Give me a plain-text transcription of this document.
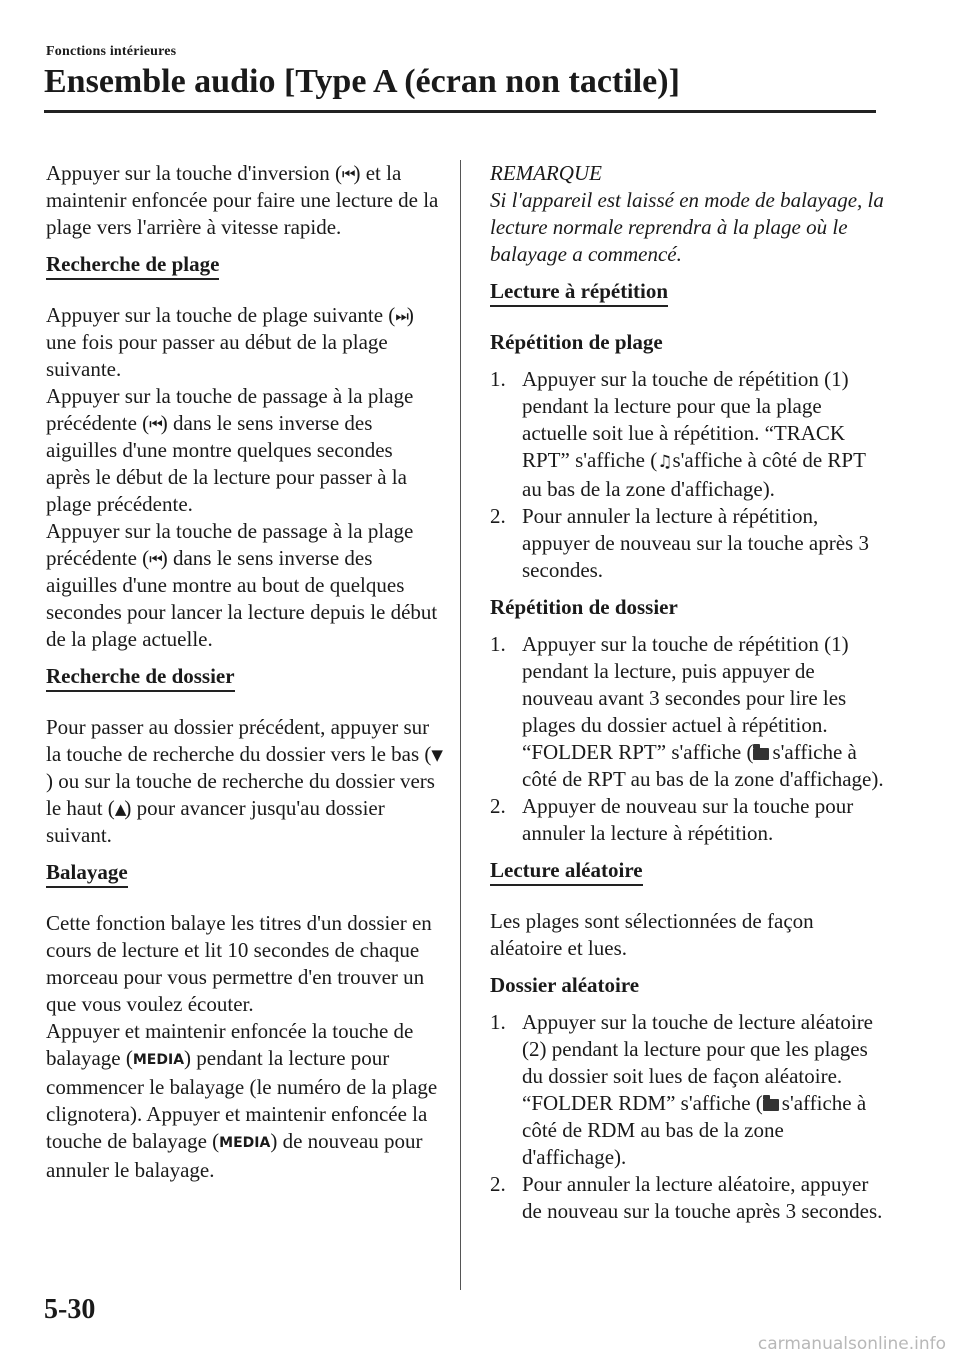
Fonctions intérieures
Ensemble audio [Type A (écran non tactile)]

Appuyer sur la touche d'inversion (⏮) et la maintenir enfoncée pour faire une lecture de la plage vers l'arrière à vitesse rapide.

Recherche de plage

Appuyer sur la touche de plage suivante (⏭) une fois pour passer au début de la plage suivante.
Appuyer sur la touche de passage à la plage précédente (⏮) dans le sens inverse des aiguilles d'une montre quelques secondes après le début de la lecture pour passer à la plage précédente.
Appuyer sur la touche de passage à la plage précédente (⏮) dans le sens inverse des aiguilles d'une montre au bout de quelques secondes pour lancer la lecture depuis le début de la plage actuelle.

Recherche de dossier

Pour passer au dossier précédent, appuyer sur la touche de recherche du dossier vers le bas (▼) ou sur la touche de recherche du dossier vers le haut (▲) pour avancer jusqu'au dossier suivant.

Balayage

Cette fonction balaye les titres d'un dossier en cours de lecture et lit 10 secondes de chaque morceau pour vous permettre d'en trouver un que vous voulez écouter.
Appuyer et maintenir enfoncée la touche de balayage (MEDIA) pendant la lecture pour commencer le balayage (le numéro de la plage clignotera). Appuyer et maintenir enfoncée la touche de balayage (MEDIA) de nouveau pour annuler le balayage.

REMARQUE

Si l'appareil est laissé en mode de balayage, la lecture normale reprendra à la plage où le balayage a commencé.

Lecture à répétition

Répétition de plage

1. Appuyer sur la touche de répétition (1) pendant la lecture pour que la plage actuelle soit lue à répétition. “TRACK RPT” s'affiche (♫s'affiche à côté de RPT au bas de la zone d'affichage).
2. Pour annuler la lecture à répétition, appuyer de nouveau sur la touche après 3 secondes.

Répétition de dossier

1. Appuyer sur la touche de répétition (1) pendant la lecture, puis appuyer de nouveau avant 3 secondes pour lire les plages du dossier actuel à répétition. “FOLDER RPT” s'affiche ( s'affiche à côté de RPT au bas de la zone d'affichage).
2. Appuyer de nouveau sur la touche pour annuler la lecture à répétition.
Lecture aléatoire

Les plages sont sélectionnées de façon aléatoire et lues.

Dossier aléatoire

1. Appuyer sur la touche de lecture aléatoire (2) pendant la lecture pour que les plages du dossier soit lues de façon aléatoire. “FOLDER RDM” s'affiche ( s'affiche à côté de RDM au bas de la zone d'affichage).
2. Pour annuler la lecture aléatoire, appuyer de nouveau sur la touche après 3 secondes.
5-30
carmanualsonline.info
